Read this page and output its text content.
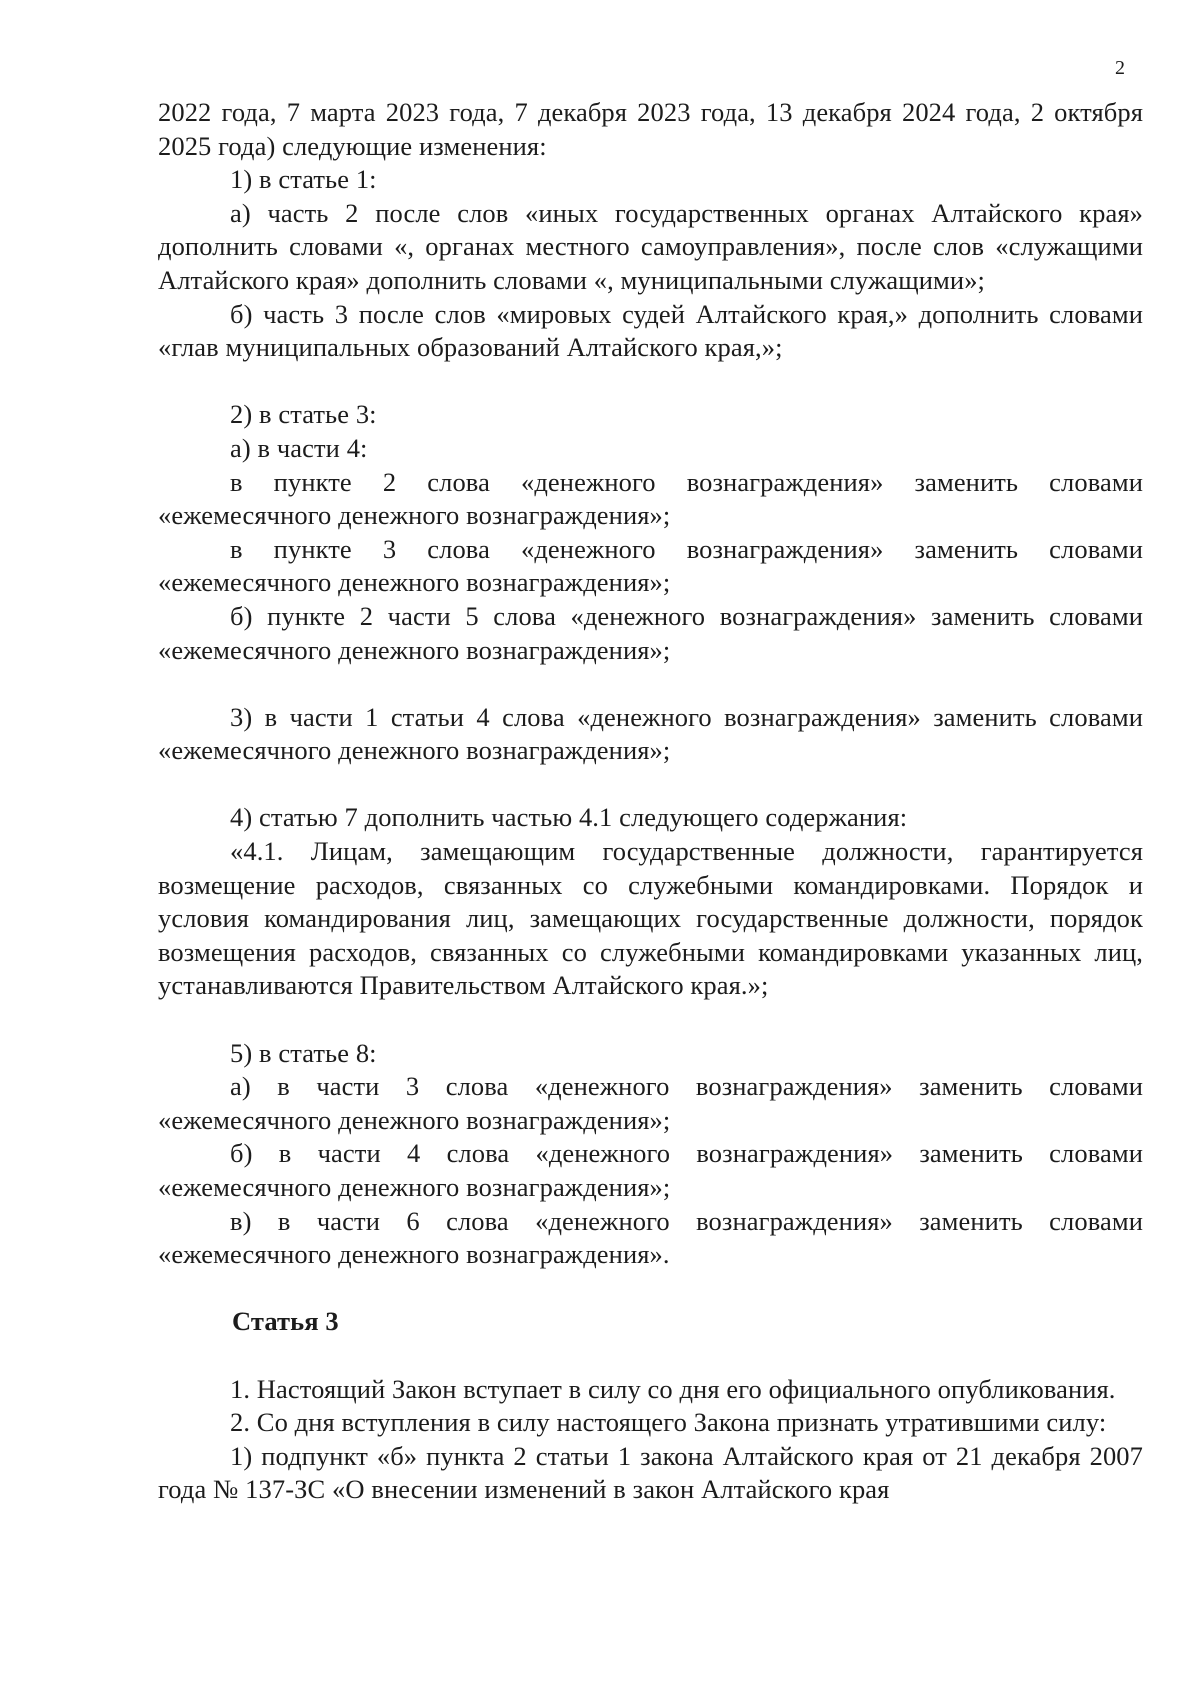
2

2022 года, 7 марта 2023 года, 7 декабря 2023 года, 13 декабря 2024 года, 2 октября 2025 года) следующие изменения:

1) в статье 1:

а) часть 2 после слов «иных государственных органах Алтайского края» дополнить словами «, органах местного самоуправления», после слов «служащими Алтайского края» дополнить словами «, муниципальными служащими»;

б) часть 3 после слов «мировых судей Алтайского края,» дополнить словами «глав муниципальных образований Алтайского края,»;

2) в статье 3:

а) в части 4:

в пункте 2 слова «денежного вознаграждения» заменить словами «ежемесячного денежного вознаграждения»;

в пункте 3 слова «денежного вознаграждения» заменить словами «ежемесячного денежного вознаграждения»;

б) пункте 2 части 5 слова «денежного вознаграждения» заменить словами «ежемесячного денежного вознаграждения»;

3) в части 1 статьи 4 слова «денежного вознаграждения» заменить словами «ежемесячного денежного вознаграждения»;

4) статью 7 дополнить частью 4.1 следующего содержания:

«4.1. Лицам, замещающим государственные должности, гарантируется возмещение расходов, связанных со служебными командировками. Порядок и условия командирования лиц, замещающих государственные должности, порядок возмещения расходов, связанных со служебными командировками указанных лиц, устанавливаются Правительством Алтайского края.»;

5) в статье 8:

а) в части 3 слова «денежного вознаграждения» заменить словами «ежемесячного денежного вознаграждения»;

б) в части 4 слова «денежного вознаграждения» заменить словами «ежемесячного денежного вознаграждения»;

в) в части 6 слова «денежного вознаграждения» заменить словами «ежемесячного денежного вознаграждения».

Статья 3

1. Настоящий Закон вступает в силу со дня его официального опубликования.

2. Со дня вступления в силу настоящего Закона признать утратившими силу:

1) подпункт «б» пункта 2 статьи 1 закона Алтайского края от 21 декабря 2007 года № 137-ЗС «О внесении изменений в закон Алтайского края
